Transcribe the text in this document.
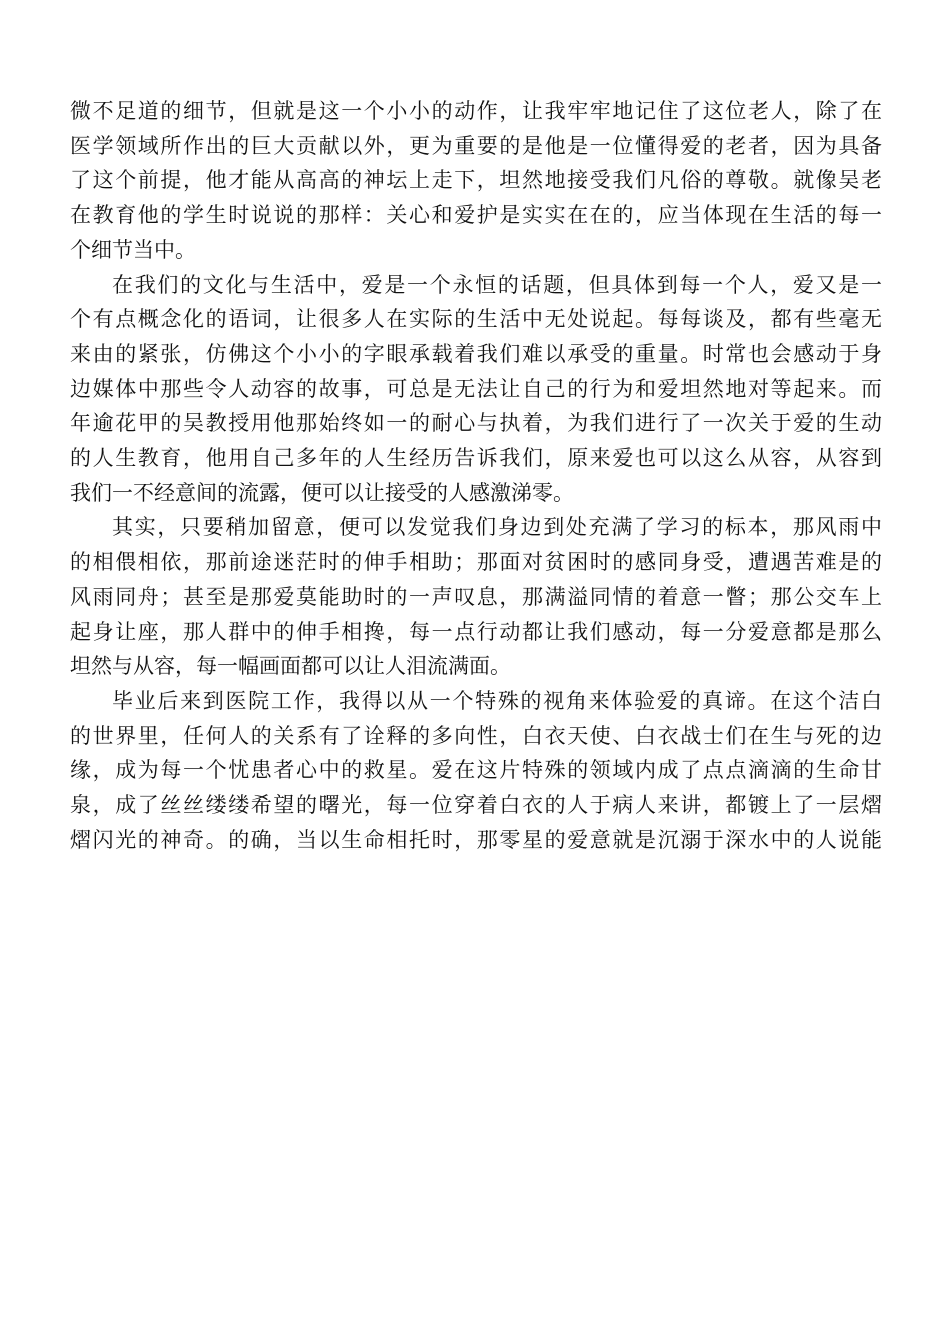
微不足道的细节，但就是这一个小小的动作，让我牢牢地记住了这位老人，除了在
医学领域所作出的巨大贡献以外，更为重要的是他是一位懂得爱的老者，因为具备
了这个前提，他才能从高高的神坛上走下，坦然地接受我们凡俗的尊敬。就像吴老
在教育他的学生时说说的那样：关心和爱护是实实在在的，应当体现在生活的每一
个细节当中。

在我们的文化与生活中，爱是一个永恒的话题，但具体到每一个人，爱又是一
个有点概念化的语词，让很多人在实际的生活中无处说起。每每谈及，都有些毫无
来由的紧张，仿佛这个小小的字眼承载着我们难以承受的重量。时常也会感动于身
边媒体中那些令人动容的故事，可总是无法让自己的行为和爱坦然地对等起来。而
年逾花甲的吴教授用他那始终如一的耐心与执着，为我们进行了一次关于爱的生动
的人生教育，他用自己多年的人生经历告诉我们，原来爱也可以这么从容，从容到
我们一不经意间的流露，便可以让接受的人感激涕零。

其实，只要稍加留意，便可以发觉我们身边到处充满了学习的标本，那风雨中
的相偎相依，那前途迷茫时的伸手相助；那面对贫困时的感同身受，遭遇苦难是的
风雨同舟；甚至是那爱莫能助时的一声叹息，那满溢同情的着意一瞥；那公交车上
起身让座，那人群中的伸手相搀，每一点行动都让我们感动，每一分爱意都是那么
坦然与从容，每一幅画面都可以让人泪流满面。

毕业后来到医院工作，我得以从一个特殊的视角来体验爱的真谛。在这个洁白
的世界里，任何人的关系有了诠释的多向性，白衣天使、白衣战士们在生与死的边
缘，成为每一个忧患者心中的救星。爱在这片特殊的领域内成了点点滴滴的生命甘
泉，成了丝丝缕缕希望的曙光，每一位穿着白衣的人于病人来讲，都镀上了一层熠
熠闪光的神奇。的确，当以生命相托时，那零星的爱意就是沉溺于深水中的人说能
